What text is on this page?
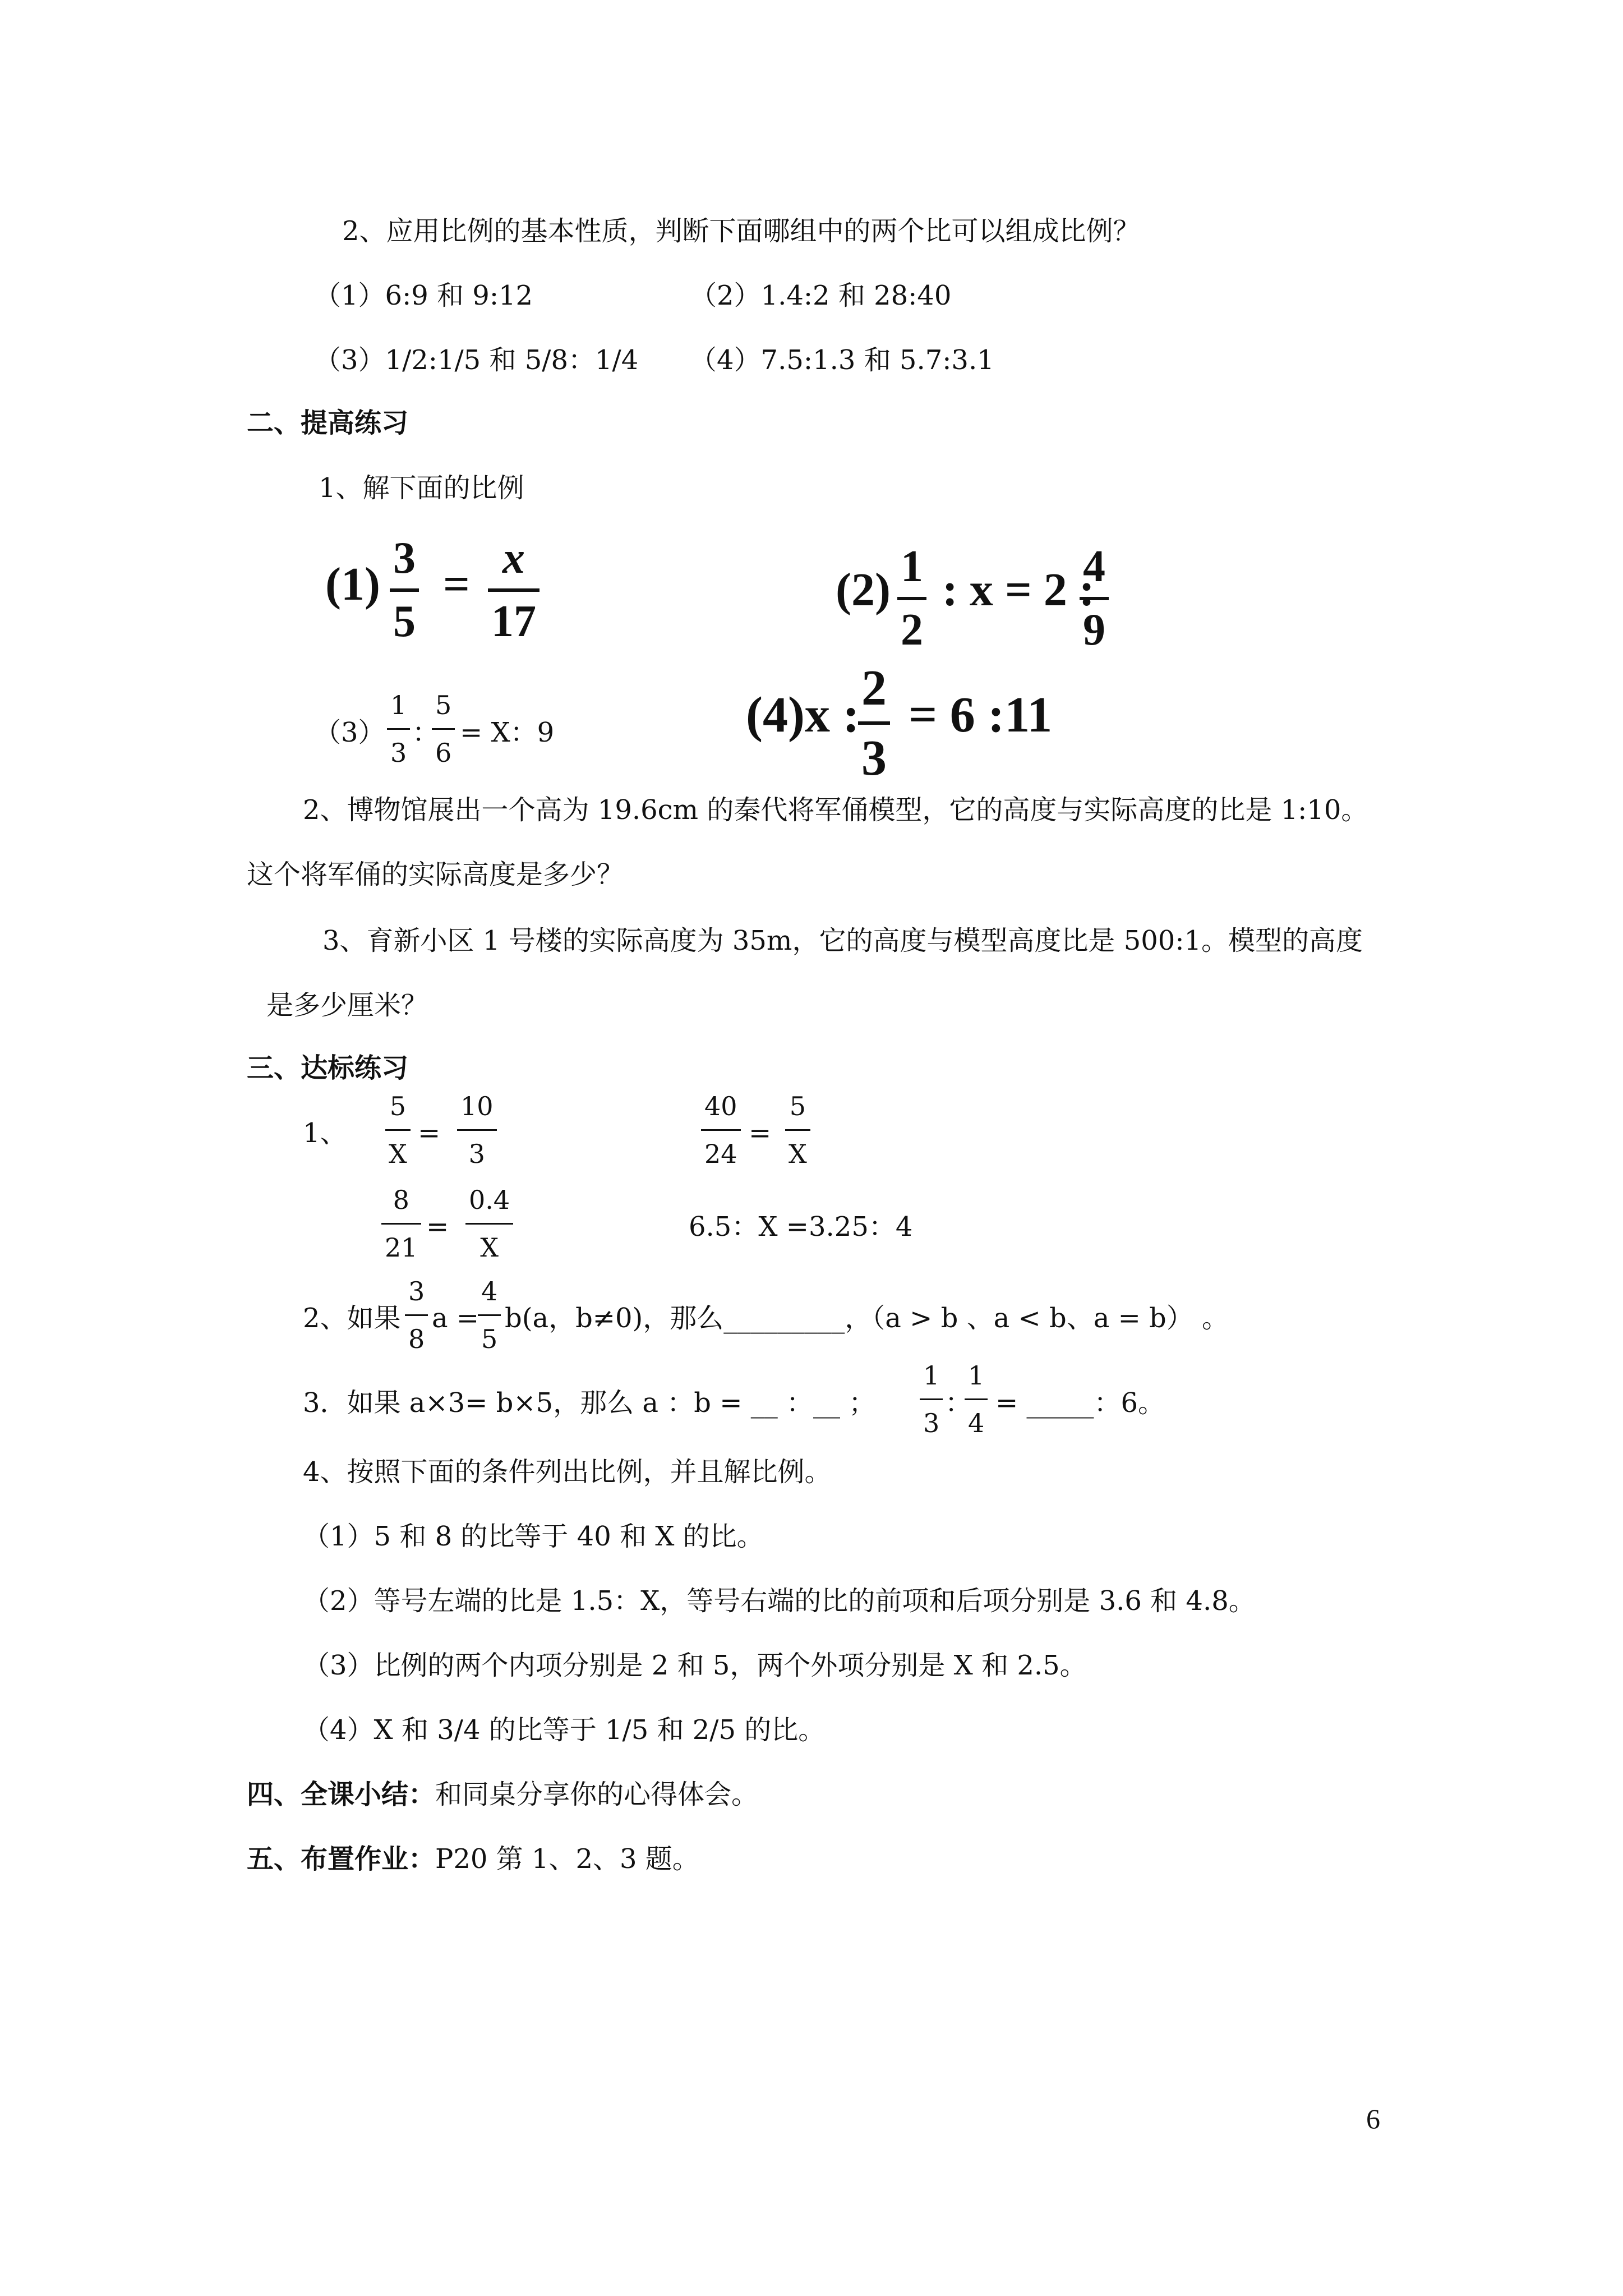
2、应用比例的基本性质，判断下面哪组中的两个比可以组成比例？
（1）6:9 和 9:12	（2）1.4:2 和 28:40
（3）1/2:1/5 和 5/8：1/4 （4）7.5:1.3 和 5.7:3.1
二、提高练习
1、解下面的比例
(1) 3
5
= x
17
(2) 1
2
: x = 2 :
4
9
（3）
1
3
：
5
6
= X：9	(4)x : 2
3
= 6 :11
2、博物馆展出一个高为 19.6cm 的秦代将军俑模型，它的高度与实际高度的比是 1:10。
这个将军俑的实际高度是多少？
3、育新小区 1 号楼的实际高度为 35m，它的高度与模型高度比是 500:1。模型的高度
是多少厘米？
三、达标练习
1、
5
X
=
10
3
40
24
=
5
X
8
21
=
0.4
X
6.5：X =3.25：4
2、如果
3
8
a =
4
5
b(a，b≠0)，那么_________，（a > b 、a < b、a = b） 。
3．如果 a×3= b×5，那么 a ：b = __ ：__ ；
1
3
：
1
4
= _____：6。
4、按照下面的条件列出比例，并且解比例。
（1）5 和 8 的比等于 40 和 X 的比。
（2）等号左端的比是 1.5：X，等号右端的比的前项和后项分别是 3.6 和 4.8。
（3）比例的两个内项分别是 2 和 5，两个外项分别是 X 和 2.5。
（4）X 和 3/4 的比等于 1/5 和 2/5 的比。
四、全课小结：和同桌分享你的心得体会。
五、布置作业：P20 第 1、2、3 题。
6
